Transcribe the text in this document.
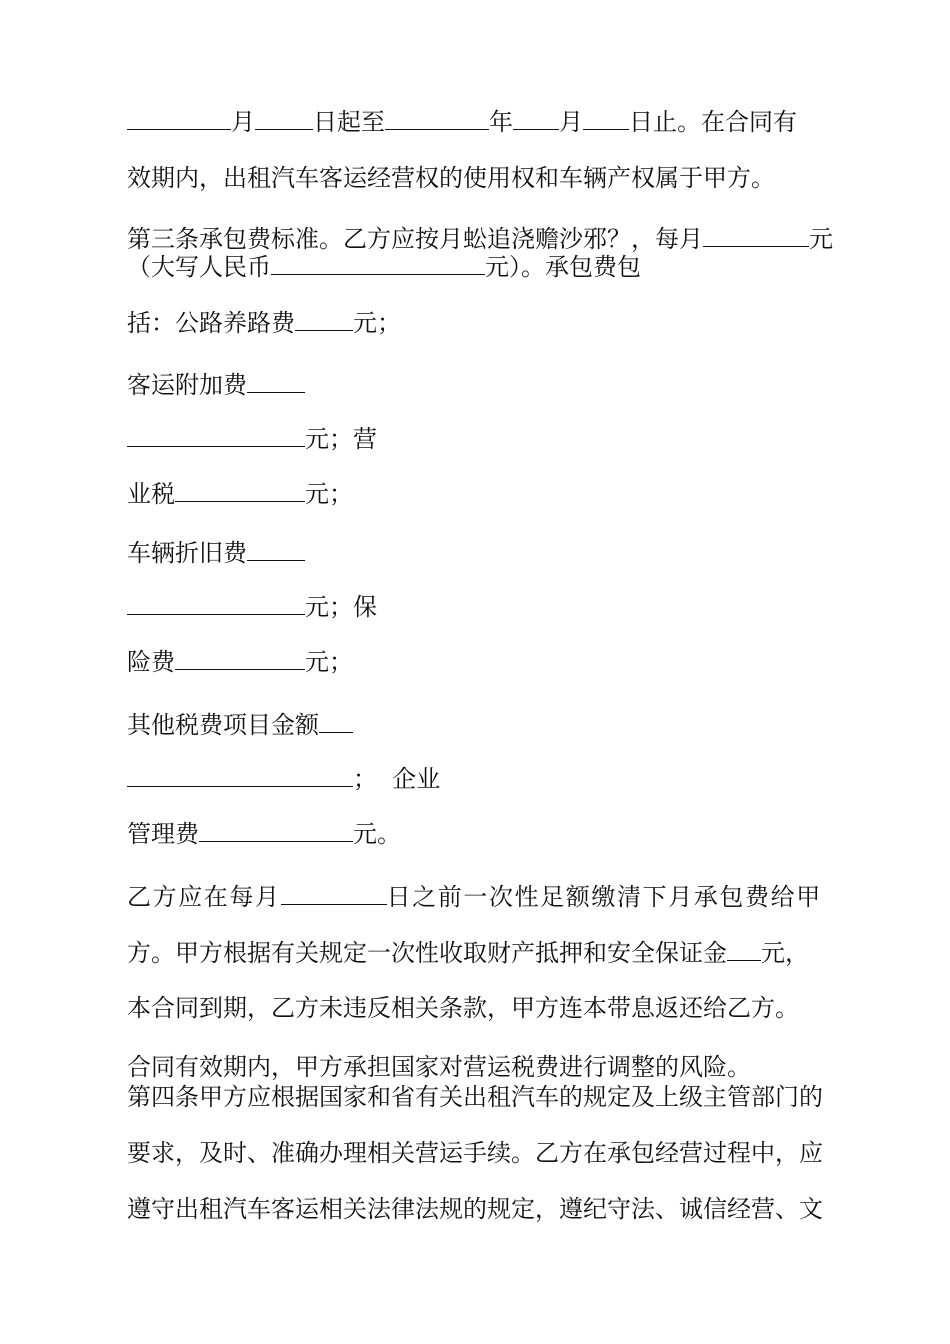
月 日起至	年 月 日止。在合同有
效期内，出租汽车客运经营权的使用权和车辆产权属于甲方。
第三条承包费标准。乙方应按月蚣追浇赡沙邪？，每月	元
（大写人民币	元）。承包费包
括：公路养路费 元；
客运附加费
元；营
业税	元；
车辆折旧费
元；保
险费	元；
其他税费项目金额
； 企业
管理费	元。
乙方应在每月	日之前一次性足额缴清下月承包费给甲
方。甲方根据有关规定一次性收取财产抵押和安全保证金 元，
本合同到期，乙方未违反相关条款，甲方连本带息返还给乙方。
合同有效期内，甲方承担国家对营运税费进行调整的风险。
第四条甲方应根据国家和省有关出租汽车的规定及上级主管部门的
要求，及时、准确办理相关营运手续。乙方在承包经营过程中，应
遵守出租汽车客运相关法律法规的规定，遵纪守法、诚信经营、文
